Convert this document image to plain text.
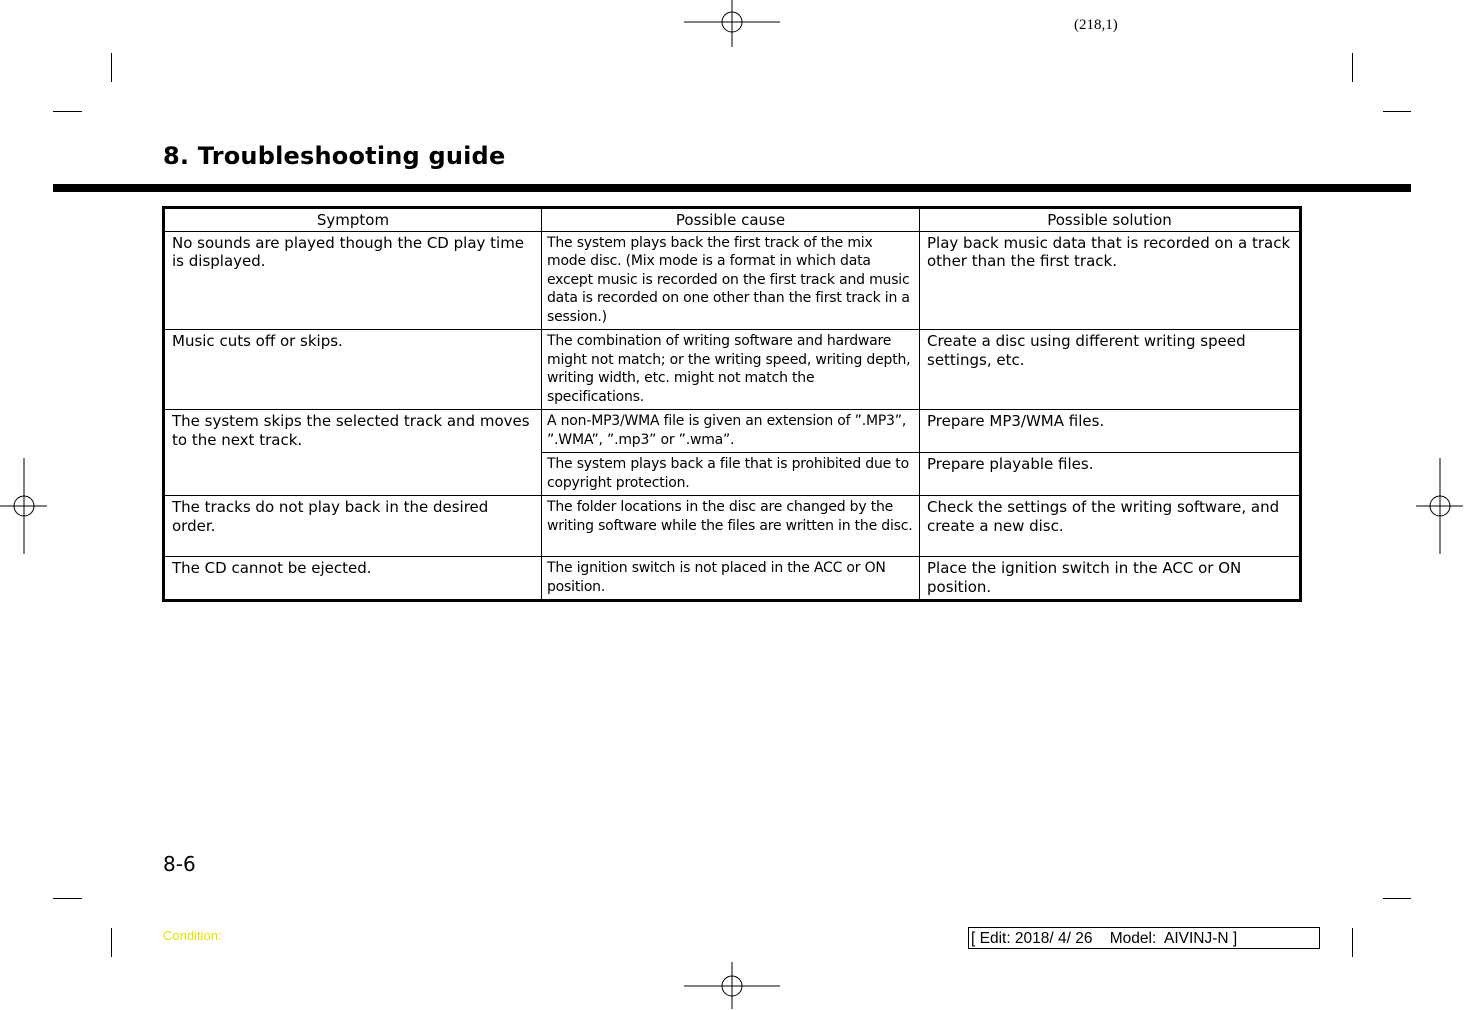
(218,1)
8. Troubleshooting guide
Symptom	Possible cause	Possible solution
No sounds are played though the CD play time is displayed.	The system plays back the first track of the mix mode disc. (Mix mode is a format in which data except music is recorded on the first track and music data is recorded on one other than the first track in a session.)	Play back music data that is recorded on a track other than the first track.
Music cuts off or skips.	The combination of writing software and hardware might not match; or the writing speed, writing depth, writing width, etc. might not match the specifications.	Create a disc using different writing speed settings, etc.
The system skips the selected track and moves to the next track.	A non-MP3/WMA file is given an extension of ”.MP3”, ”.WMA”, ”.mp3” or ”.wma”.	Prepare MP3/WMA files.
	The system plays back a file that is prohibited due to copyright protection.	Prepare playable files.
The tracks do not play back in the desired order.	The folder locations in the disc are changed by the writing software while the files are written in the disc.	Check the settings of the writing software, and create a new disc.
The CD cannot be ejected.	The ignition switch is not placed in the ACC or ON position.	Place the ignition switch in the ACC or ON position.
8-6
Condition:	[ Edit: 2018/ 4/ 26    Model:  AIVINJ-N ]
